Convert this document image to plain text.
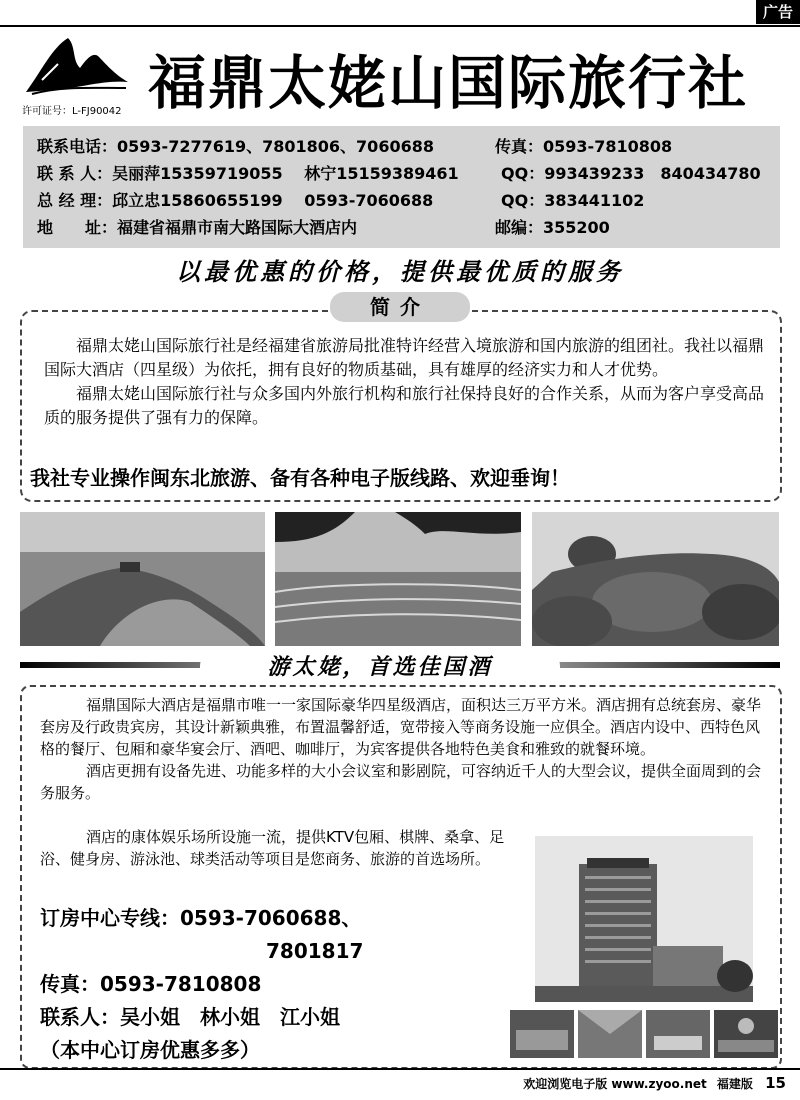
广告
许可证号：L-FJ90042 福鼎太姥山国际旅行社
联系电话：0593-7277619、7801806、7060688	传真：0593-7810808
联 系 人：吴丽萍15359719055　 林宁15159389461	QQ：993439233　840434780
总 经 理：邱立忠15860655199　 0593-7060688	QQ：383441102
地　　址：福建省福鼎市南大路国际大酒店内	邮编：355200
以最优惠的价格，提供最优质的服务
简介

福鼎太姥山国际旅行社是经福建省旅游局批准特许经营入境旅游和国内旅游的组团社。我社以福鼎国际大酒店（四星级）为依托，拥有良好的物质基础，具有雄厚的经济实力和人才优势。

福鼎太姥山国际旅行社与众多国内外旅行机构和旅行社保持良好的合作关系，从而为客户享受高品质的服务提供了强有力的保障。

我社专业操作闽东北旅游、备有各种电子版线路、欢迎垂询！
游太姥，首选佳国酒

福鼎国际大酒店是福鼎市唯一一家国际豪华四星级酒店，面积达三万平方米。酒店拥有总统套房、豪华套房及行政贵宾房，其设计新颖典雅，布置温馨舒适，宽带接入等商务设施一应俱全。酒店内设中、西特色风格的餐厅、包厢和豪华宴会厅、酒吧、咖啡厅，为宾客提供各地特色美食和雅致的就餐环境。

酒店更拥有设备先进、功能多样的大小会议室和影剧院，可容纳近千人的大型会议，提供全面周到的会务服务。

酒店的康体娱乐场所设施一流，提供KTV包厢、棋牌、桑拿、足浴、健身房、游泳池、球类活动等项目是您商务、旅游的首选场所。

订房中心专线：0593-7060688、
7801817
传真：0593-7810808
联系人：吴小姐　林小姐　江小姐
（本中心订房优惠多多）
欢迎浏览电子版 www.zyoo.net 福建版 15
